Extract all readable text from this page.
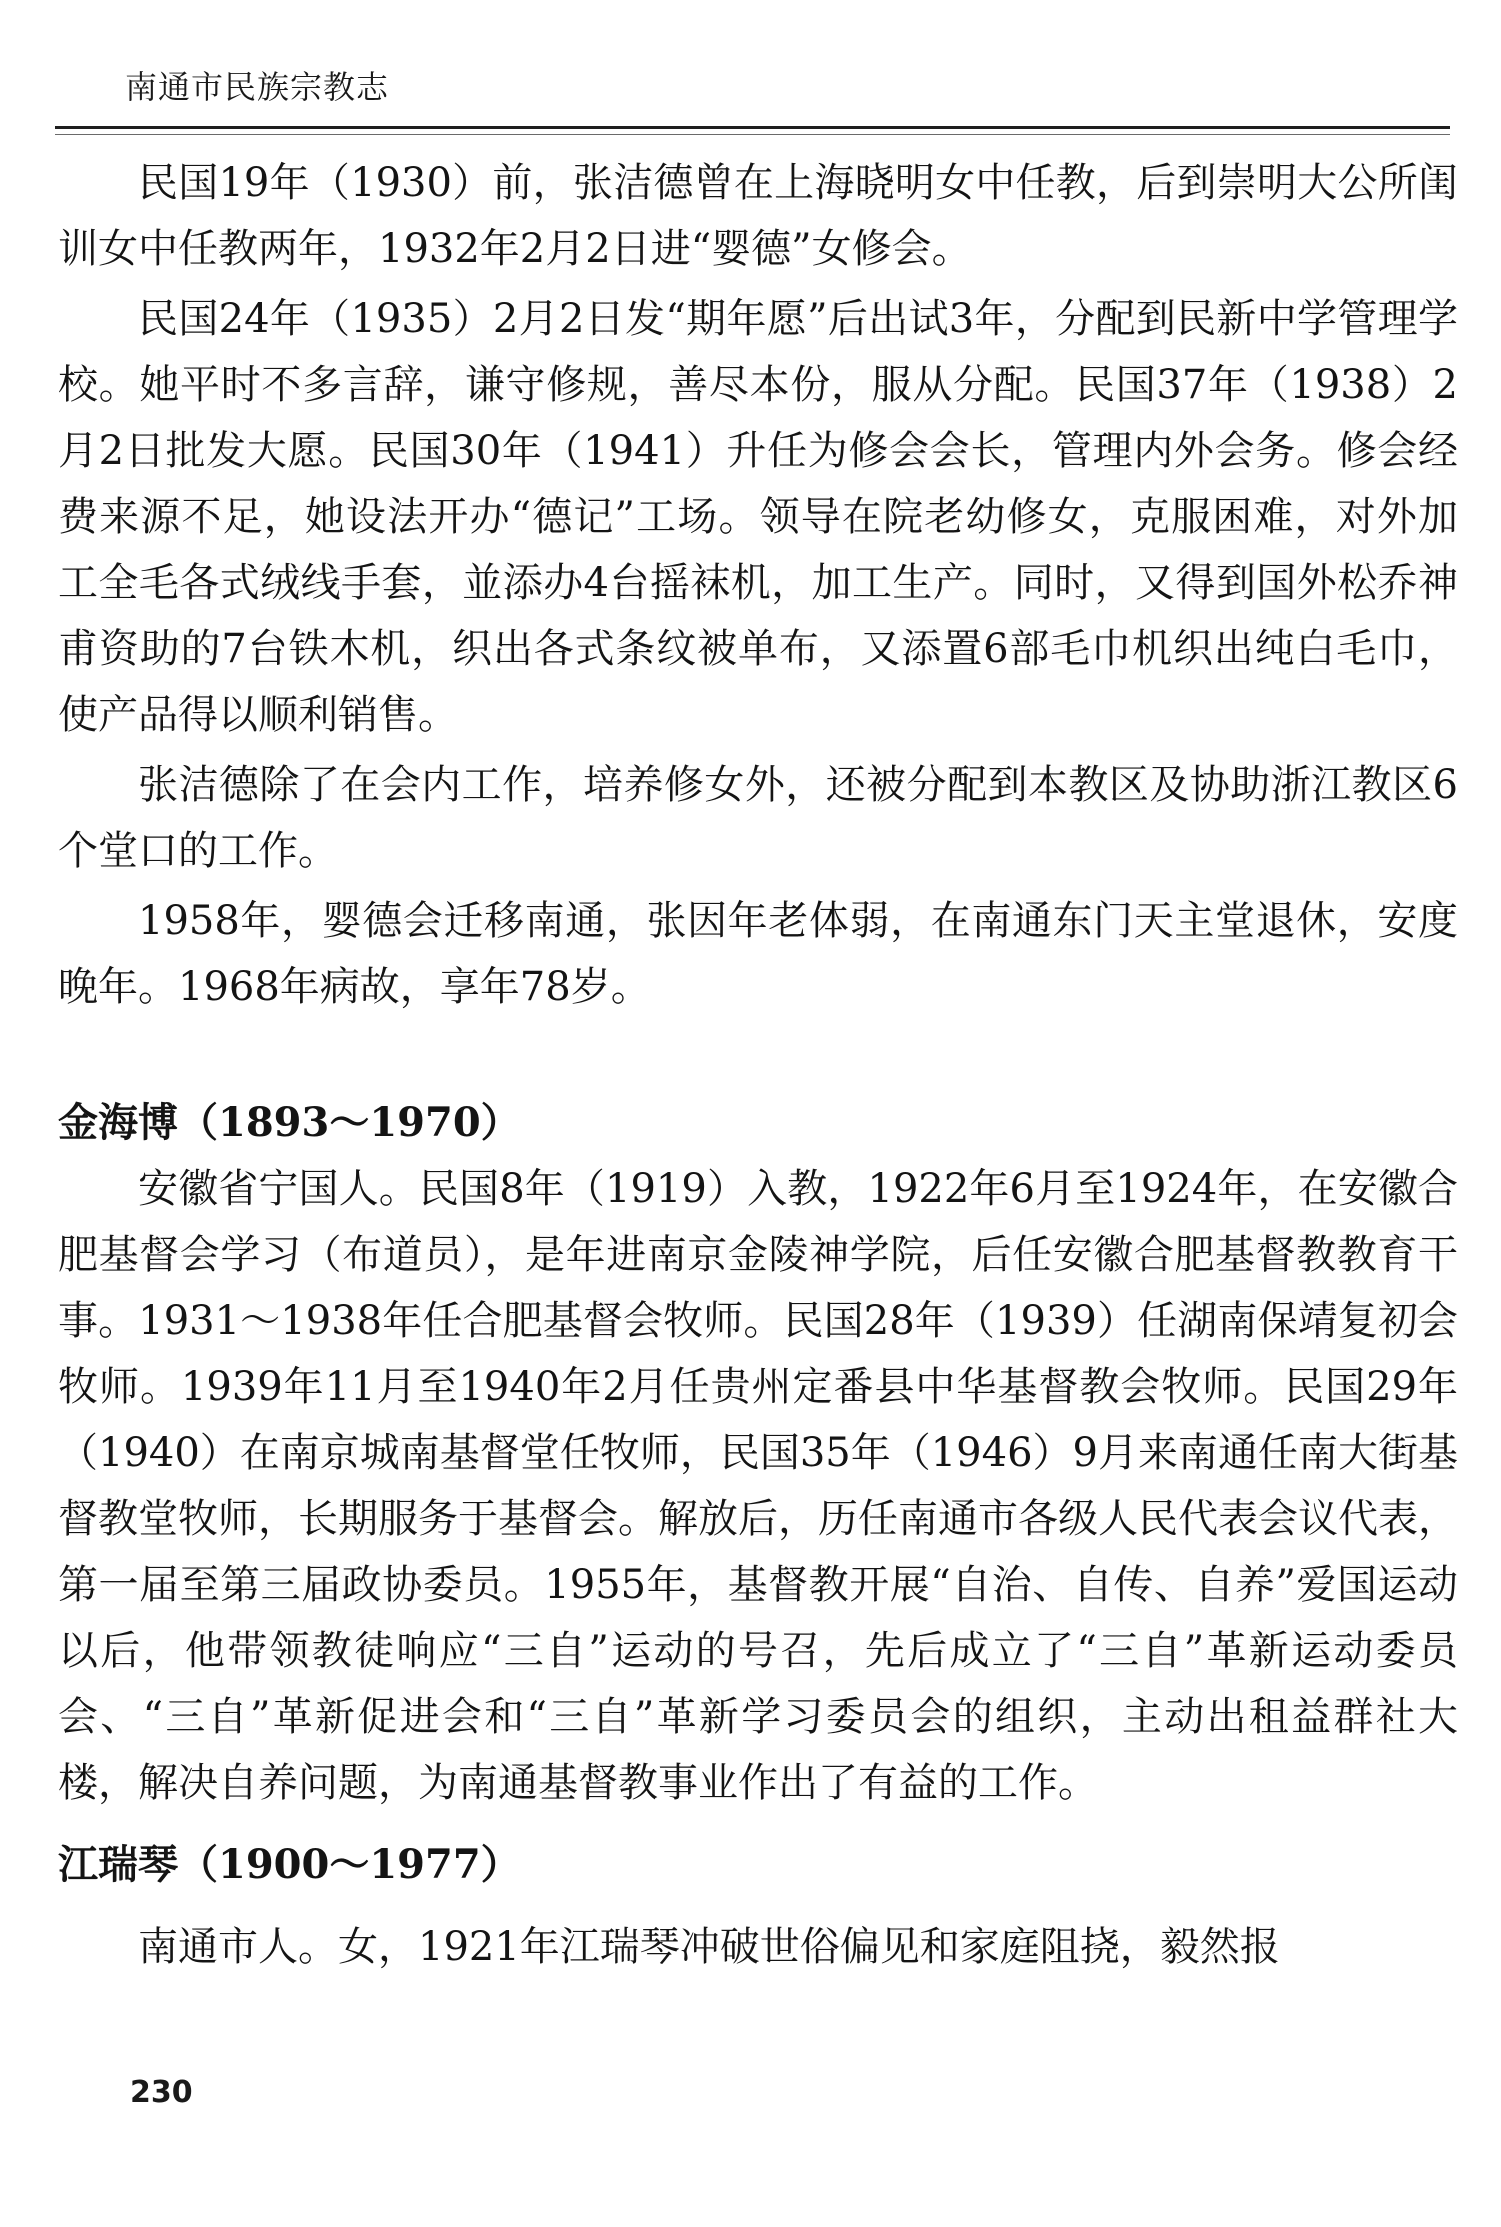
南通市民族宗教志

民国19年（1930）前，张洁德曾在上海晓明女中任教，后到崇明大公所闺训女中任教两年，1932年2月2日进“婴德”女修会。

民国24年（1935）2月2日发“期年愿”后出试3年，分配到民新中学管理学校。她平时不多言辞，谦守修规，善尽本份，服从分配。民国37年（1938）2月2日批发大愿。民国30年（1941）升任为修会会长，管理内外会务。修会经费来源不足，她设法开办“德记”工场。领导在院老幼修女，克服困难，对外加工全毛各式绒线手套，並添办4台摇袜机，加工生产。同时，又得到国外松乔神甫资助的7台铁木机，织出各式条纹被单布，又添置6部毛巾机织出纯白毛巾，使产品得以顺利销售。

张洁德除了在会内工作，培养修女外，还被分配到本教区及协助浙江教区6个堂口的工作。

1958年，婴德会迁移南通，张因年老体弱，在南通东门天主堂退休，安度晚年。1968年病故，享年78岁。

金海博（1893～1970）

安徽省宁国人。民国8年（1919）入教，1922年6月至1924年，在安徽合肥基督会学习（布道员），是年进南京金陵神学院，后任安徽合肥基督教教育干事。1931～1938年任合肥基督会牧师。民国28年（1939）任湖南保靖复初会牧师。1939年11月至1940年2月任贵州定番县中华基督教会牧师。民国29年（1940）在南京城南基督堂任牧师，民国35年（1946）9月来南通任南大街基督教堂牧师，长期服务于基督会。解放后，历任南通市各级人民代表会议代表，第一届至第三届政协委员。1955年，基督教开展“自治、自传、自养”爱国运动以后，他带领教徒响应“三自”运动的号召，先后成立了“三自”革新运动委员会、“三自”革新促进会和“三自”革新学习委员会的组织，主动出租益群社大楼，解决自养问题，为南通基督教事业作出了有益的工作。

江瑞琴（1900～1977）

南通市人。女，1921年江瑞琴冲破世俗偏见和家庭阻挠，毅然报

230
